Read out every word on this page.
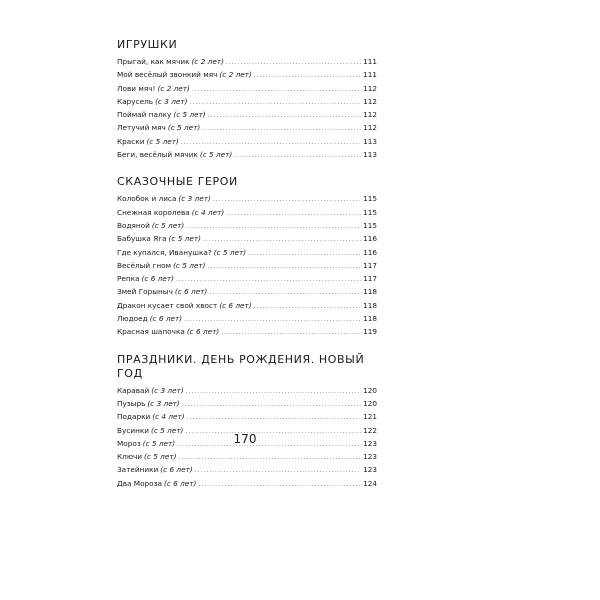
ИГРУШКИ
Прыгай, как мячик (с 2 лет) .....	111
Мой весёлый звонкий мяч (с 2 лет) .....	111
Лови мяч! (с 2 лет) .....	112
Карусель (с 3 лет) .....	112
Поймай палку (с 5 лет) .....	112
Летучий мяч (с 5 лет) .....	112
Краски (с 5 лет) .....	113
Беги, весёлый мячик (с 5 лет) .....	113
СКАЗОЧНЫЕ ГЕРОИ
Колобок и лиса (с 3 лет) .....	115
Снежная королева (с 4 лет) .....	115
Водяной (с 5 лет) .....	115
Бабушка Яга (с 5 лет) .....	116
Где купался, Иванушка? (с 5 лет) .....	116
Весёлый гном (с 5 лет) .....	117
Репка (с 6 лет) .....	117
Змей Горыныч (с 6 лет) .....	118
Дракон кусает свой хвост (с 6 лет) .....	118
Людоед (с 6 лет) .....	118
Красная шапочка (с 6 лет) .....	119
ПРАЗДНИКИ. ДЕНЬ РОЖДЕНИЯ. НОВЫЙ ГОД
Каравай (с 3 лет) .....	120
Пузырь (с 3 лет) .....	120
Подарки (с 4 лет) .....	121
Бусинки (с 5 лет) .....	122
Мороз (с 5 лет) .....	123
Ключи (с 5 лет) .....	123
Затейники (с 6 лет) .....	123
Два Мороза (с 6 лет) .....	124
170
